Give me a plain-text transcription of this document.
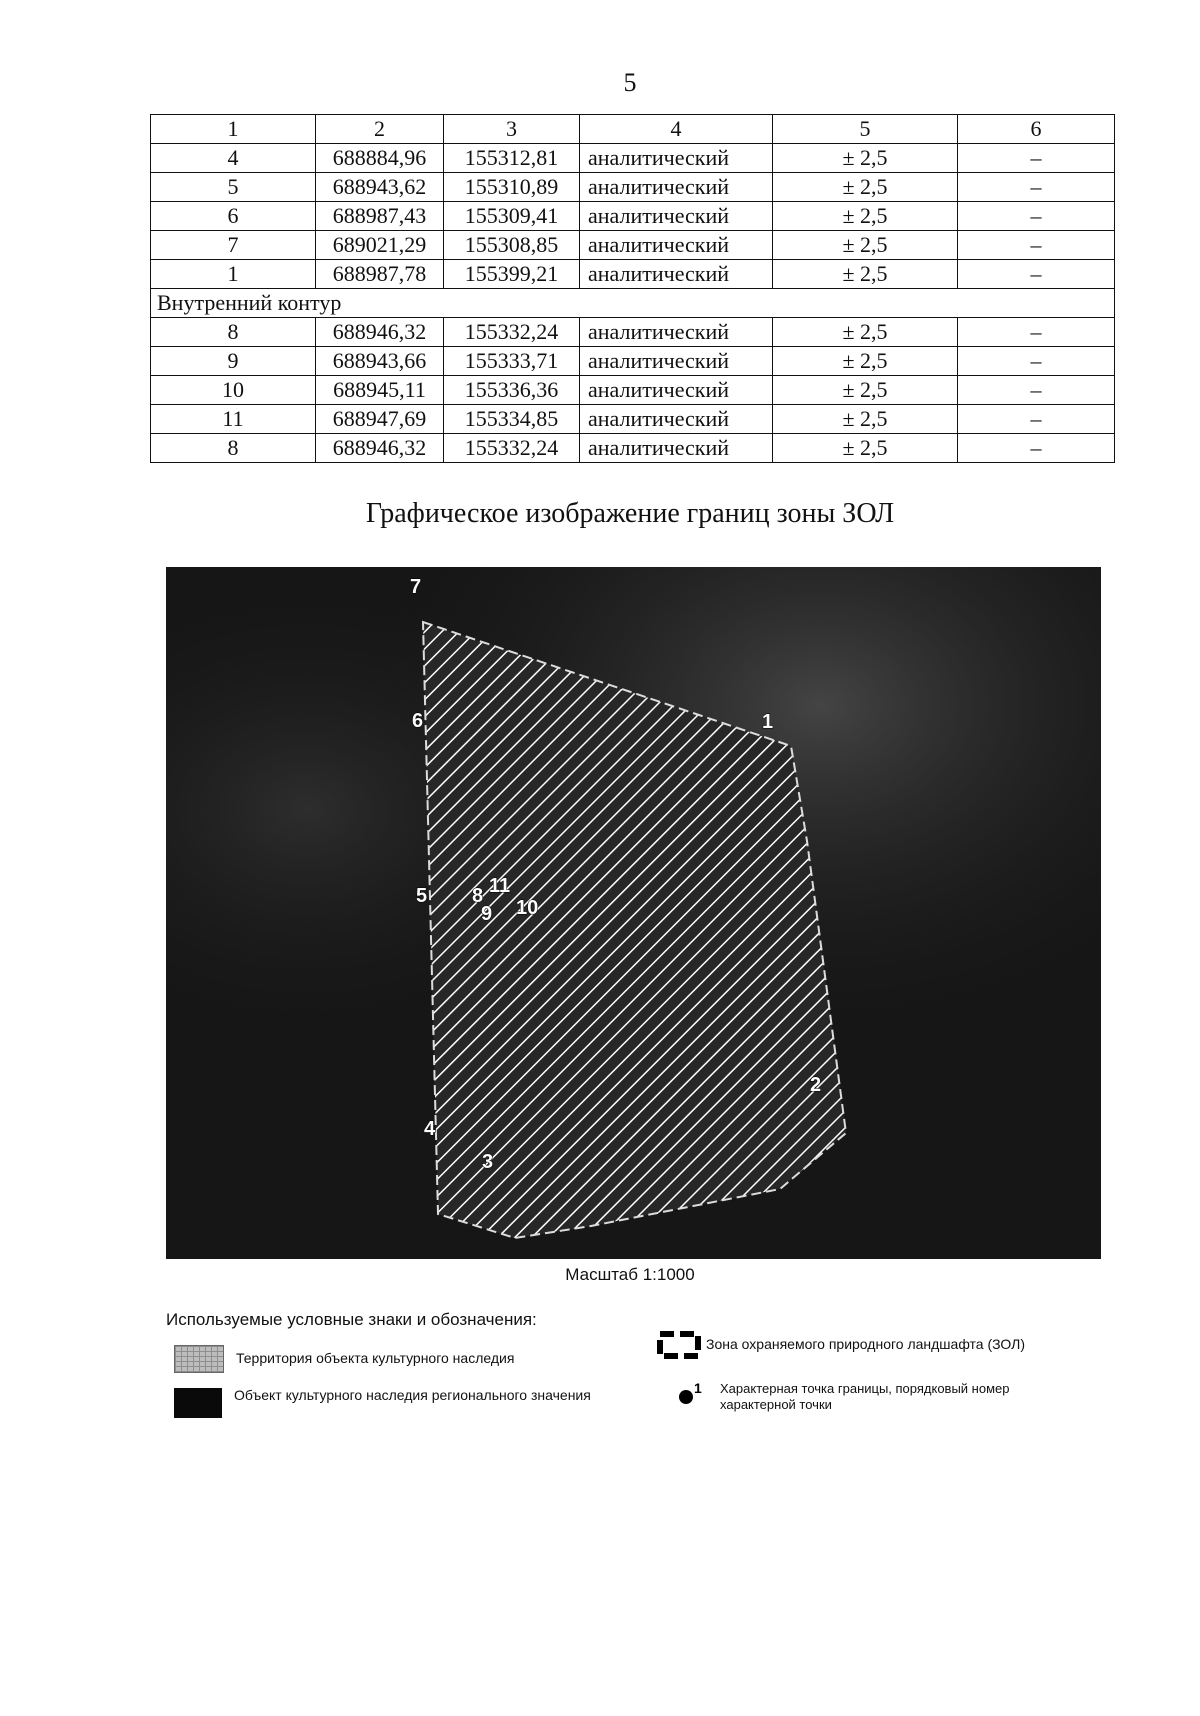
5
1	2	3	4	5	6
4	688884,96	155312,81	аналитический	± 2,5	–
5	688943,62	155310,89	аналитический	± 2,5	–
6	688987,43	155309,41	аналитический	± 2,5	–
7	689021,29	155308,85	аналитический	± 2,5	–
1	688987,78	155399,21	аналитический	± 2,5	–
Внутренний контур					
8	688946,32	155332,24	аналитический	± 2,5	–
9	688943,66	155333,71	аналитический	± 2,5	–
10	688945,11	155336,36	аналитический	± 2,5	–
11	688947,69	155334,85	аналитический	± 2,5	–
8	688946,32	155332,24	аналитический	± 2,5	–
Графическое изображение границ зоны ЗОЛ
1
2
3
4
5
6
7
8
9 10
11
Масштаб 1:1000
Используемые условные знаки и обозначения:
Территория объекта культурного наследия
Объект культурного наследия регионального значения
Зона охраняемого природного ландшафта (ЗОЛ)
1 Характерная точка границы, порядковый номер характерной точки
